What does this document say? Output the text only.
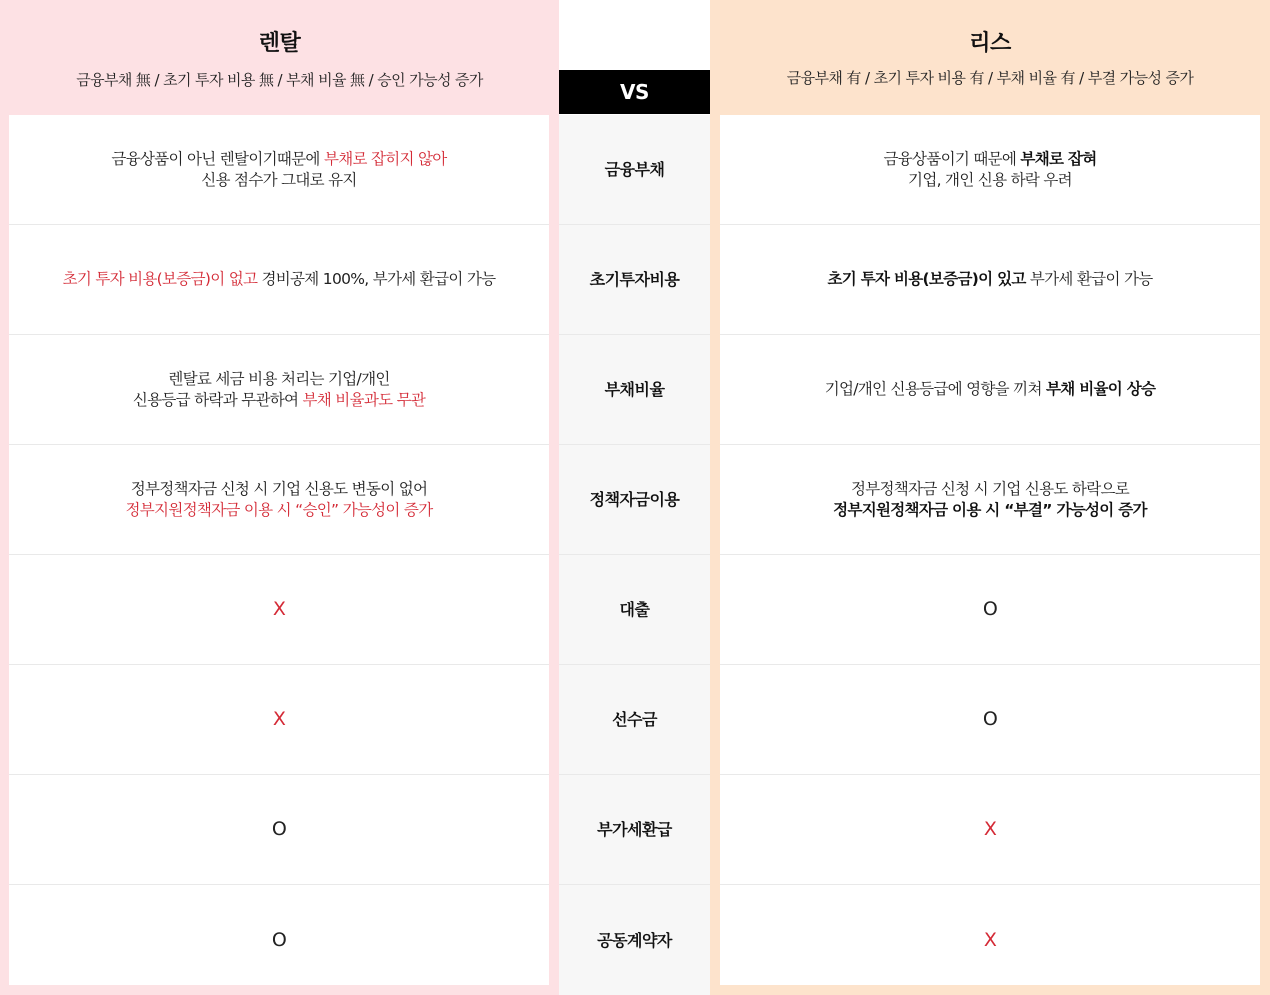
렌탈
금융부채 無 / 초기 투자 비용 無 / 부채 비율 無 / 승인 가능성 증가	VS
리스
금융부채 有 / 초기 투자 비용 有 / 부채 비율 有 / 부결 가능성 증가
금융상품이 아닌 렌탈이기때문에 부채로 잡히지 않아
신용 점수가 그대로 유지
초기 투자 비용(보증금)이 없고 경비공제 100%, 부가세 환급이 가능
렌탈료 세금 비용 처리는 기업/개인
신용등급 하락과 무관하여 부채 비율과도 무관
정부정책자금 신청 시 기업 신용도 변동이 없어
정부지원정책자금 이용 시 “승인” 가능성이 증가
X
X
O
O
금융부채
초기투자비용
부채비율
정책자금이용
대출
선수금
부가세환급
공동계약자
금융상품이기 때문에 부채로 잡혀
기업, 개인 신용 하락 우려
초기 투자 비용(보증금)이 있고 부가세 환급이 가능
기업/개인 신용등급에 영향을 끼쳐 부채 비율이 상승
정부정책자금 신청 시 기업 신용도 하락으로
정부지원정책자금 이용 시 “부결” 가능성이 증가
O
O
X
X
